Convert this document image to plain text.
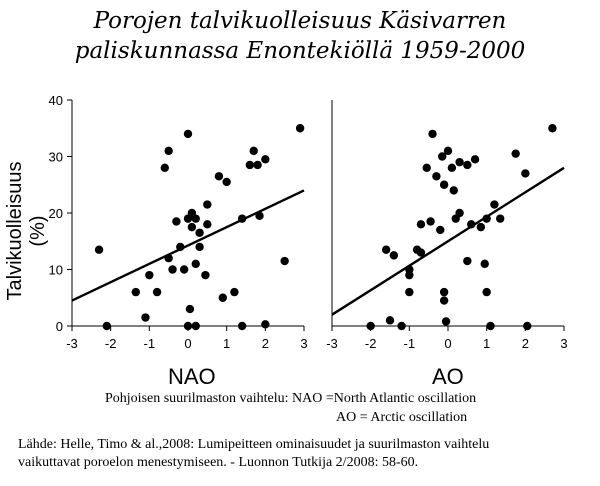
Porojen talvikuolleisuus Käsivarren
paliskunnassa Enontekiöllä 1959-2000
Talvikuolleisuus (%)
-3 -2 -1 0 1 2 3
0
10
20
30
40
-3 -2 -1 0 1 2 3
NAO	AO
Pohjoisen suurilmaston vaihtelu: NAO =North Atlantic oscillation
AO = Arctic oscillation
Lähde: Helle, Timo & al.,2008: Lumipeitteen ominaisuudet ja suurilmaston vaihtelu
vaikuttavat poroelon menestymiseen. - Luonnon Tutkija 2/2008: 58-60.
